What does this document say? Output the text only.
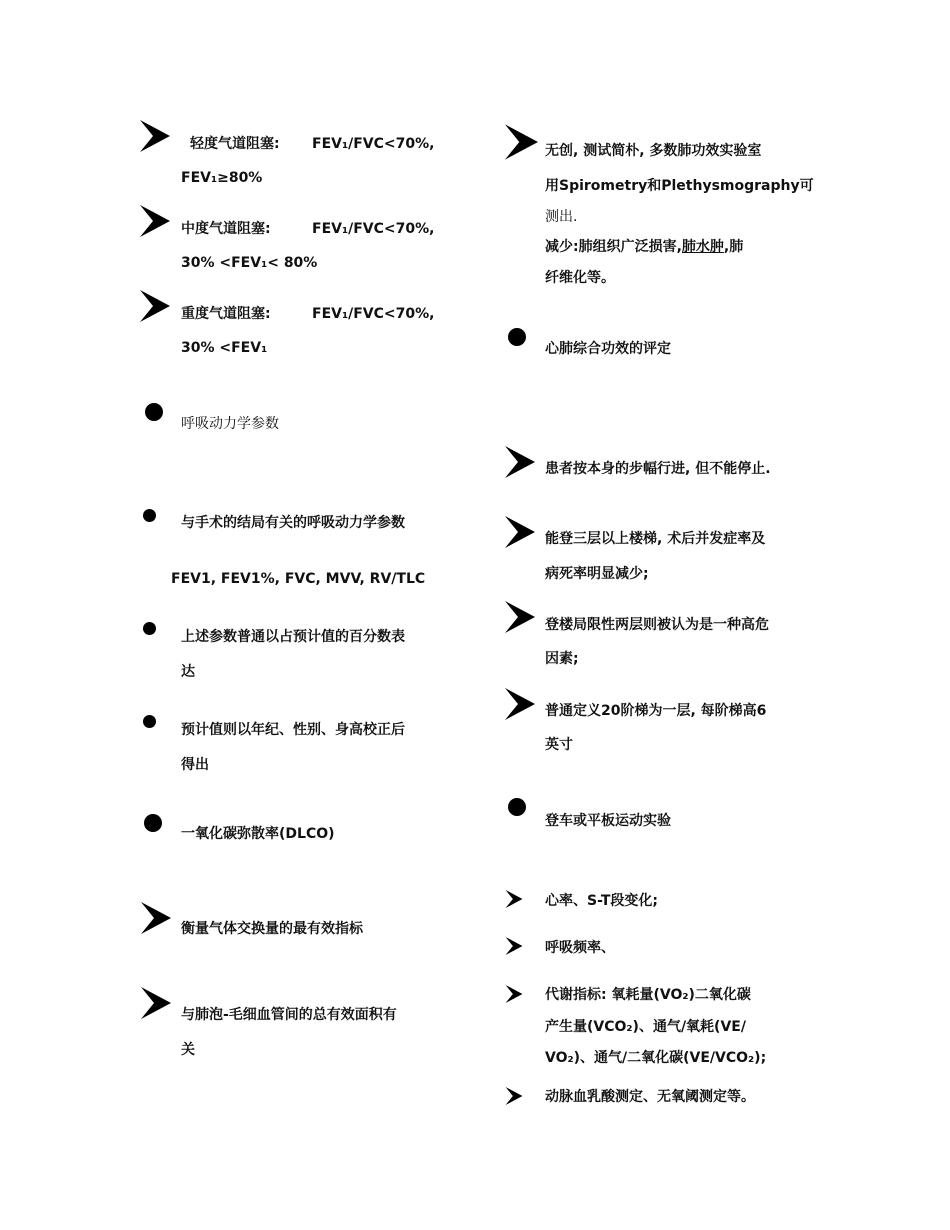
轻度气道阻塞: FEV₁/FVC<70%,
FEV₁≥80%
中度气道阻塞:	FEV₁/FVC<70%,
30% <FEV₁< 80%
重度气道阻塞:	FEV₁/FVC<70%,
30% <FEV₁
呼吸动力学参数
与手术的结局有关的呼吸动力学参数
FEV1, FEV1%, FVC, MVV, RV/TLC
上述参数普通以占预计值的百分数表
达
预计值则以年纪、性别、身高校正后
得出
一氧化碳弥散率(DLCO)
衡量气体交换量的最有效指标
与肺泡-毛细血管间的总有效面积有
关
无创, 测试简朴, 多数肺功效实验室
用Spirometry和Plethysmography可
测出.
减少:肺组织广泛损害,肺水肿,肺
纤维化等。
心肺综合功效的评定
患者按本身的步幅行进, 但不能停止.
能登三层以上楼梯, 术后并发症率及
病死率明显减少;
登楼局限性两层则被认为是一种高危
因素;
普通定义20阶梯为一层, 每阶梯高6
英寸
登车或平板运动实验
心率、S-T段变化;
呼吸频率、
代谢指标: 氧耗量(VO₂)二氧化碳
产生量(VCO₂)、通气/氧耗(VE/
VO₂)、通气/二氧化碳(VE/VCO₂);
动脉血乳酸测定、无氧阈测定等。
